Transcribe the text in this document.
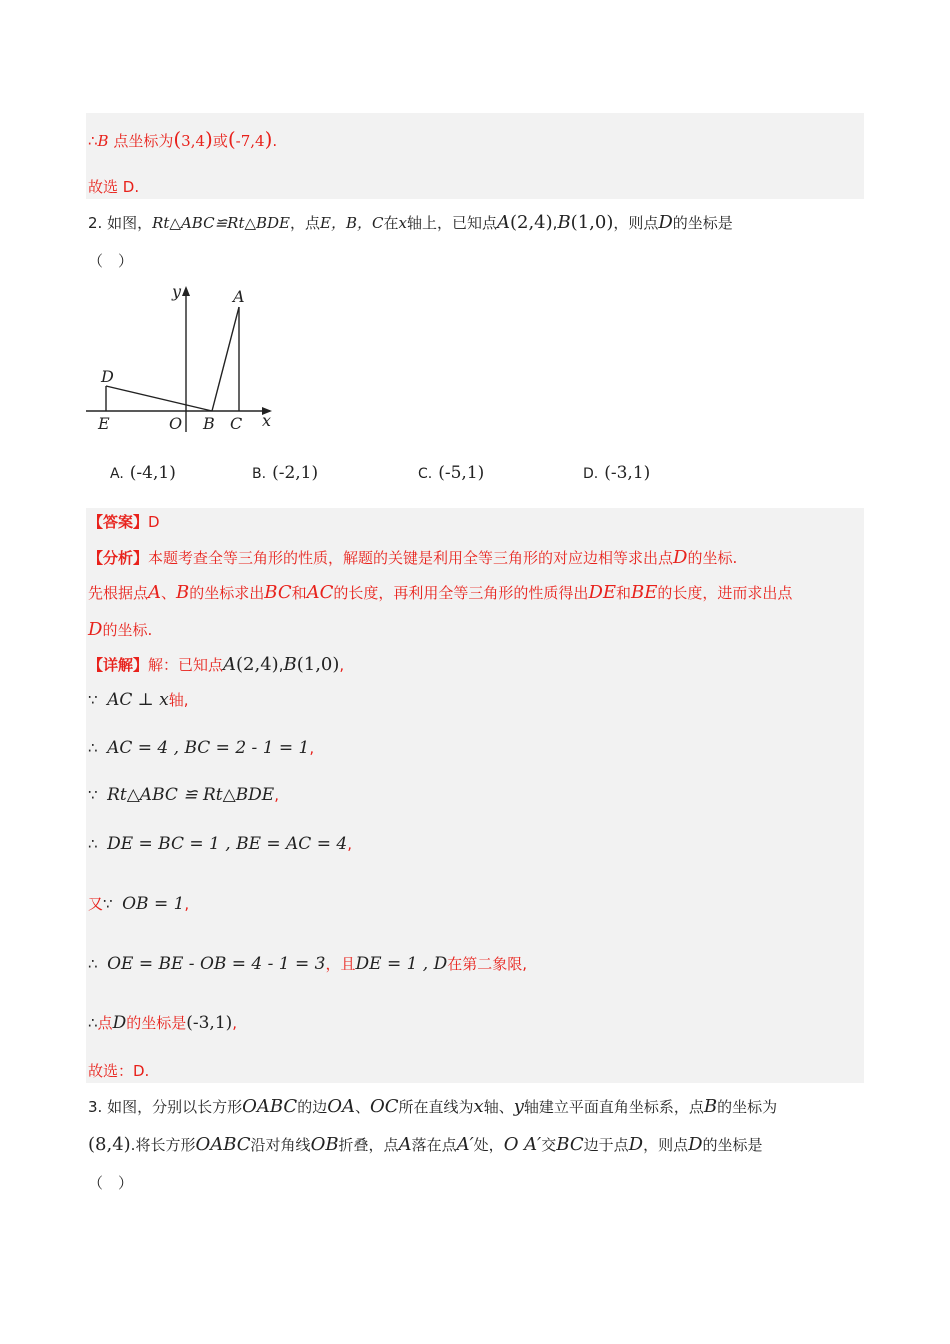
∴B 点坐标为(3,4)或(-7,4).
故选 D.
2. 如图，Rt△ABC≌Rt△BDE，点E，B，C在x轴上，已知点A(2,4),B(1,0)，则点D的坐标是
（　）
y	A
D
E	O B C x
A. (-4,1)	B. (-2,1)	C. (-5,1)	D. (-3,1)
【答案】D
【分析】本题考查全等三角形的性质，解题的关键是利用全等三角形的对应边相等求出点D的坐标.
先根据点A、B的坐标求出BC和AC的长度，再利用全等三角形的性质得出DE和BE的长度，进而求出点
D的坐标.
【详解】解：已知点A(2,4),B(1,0),
∵ AC ⊥ x轴,
∴ AC = 4 , BC = 2 - 1 = 1,
∵ Rt△ABC ≌ Rt△BDE,
∴ DE = BC = 1 , BE = AC = 4,
又∵ OB = 1,
∴ OE = BE - OB = 4 - 1 = 3，且DE = 1 , D在第二象限,
∴点D的坐标是(-3,1),
故选：D.
3. 如图，分别以长方形OABC的边OA、OC所在直线为x轴、y轴建立平面直角坐标系，点B的坐标为
(8,4).将长方形OABC沿对角线OB折叠，点A落在点A′处，O A′交BC边于点D，则点D的坐标是
（　）
